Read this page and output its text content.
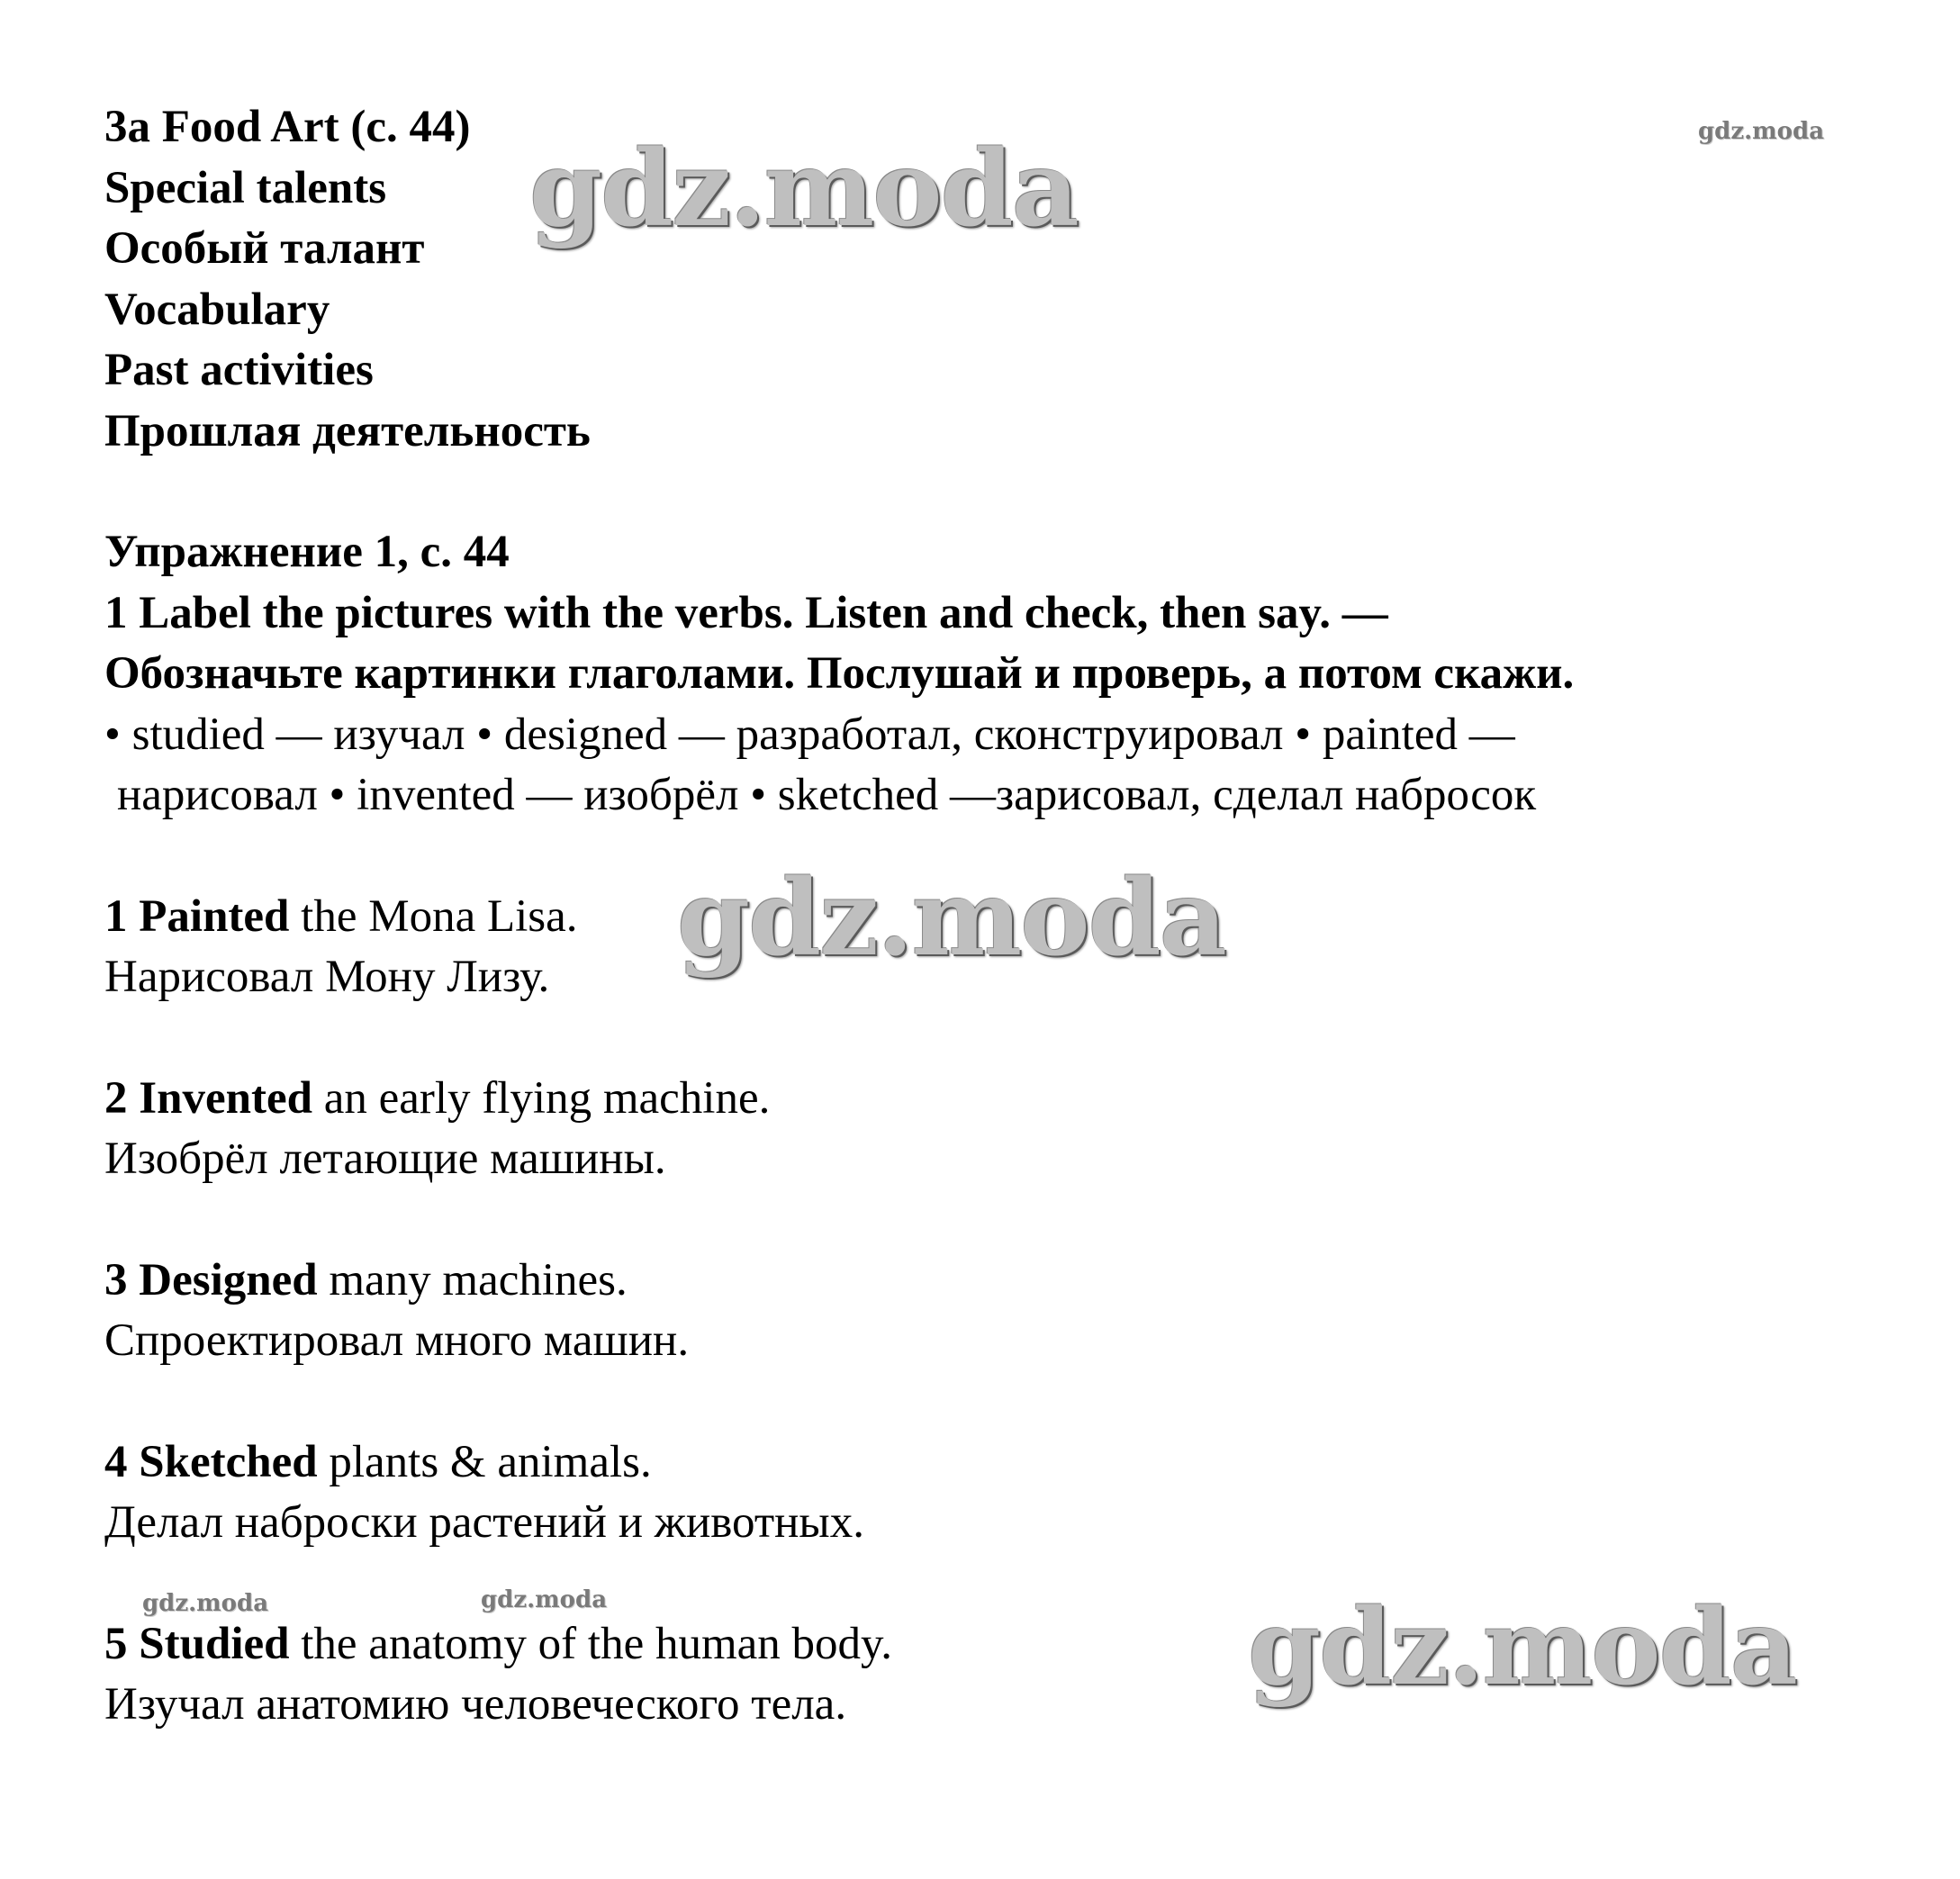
3a Food Art (с. 44)
Special talents
Особый талант
Vocabulary
Past activities
Прошлая деятельность
Упражнение 1, с. 44
1 Label the pictures with the verbs. Listen and check, then say. —
Обозначьте картинки глаголами. Послушай и проверь, а потом скажи.
• studied — изучал • designed — разработал, сконструировал • painted —
нарисовал • invented — изобрёл • sketched —зарисовал, сделал набросок
1 Painted the Mona Lisa.
Нарисовал Мону Лизу.
2 Invented an early flying machine.
Изобрёл летающие машины.
3 Designed many machines.
Спроектировал много машин.
4 Sketched plants & animals.
Делал наброски растений и животных.
5 Studied the anatomy of the human body.
Изучал анатомию человеческого тела.
gdz.moda
gdz.moda
gdz.moda
gdz.moda	gdz.moda	gdz.moda
